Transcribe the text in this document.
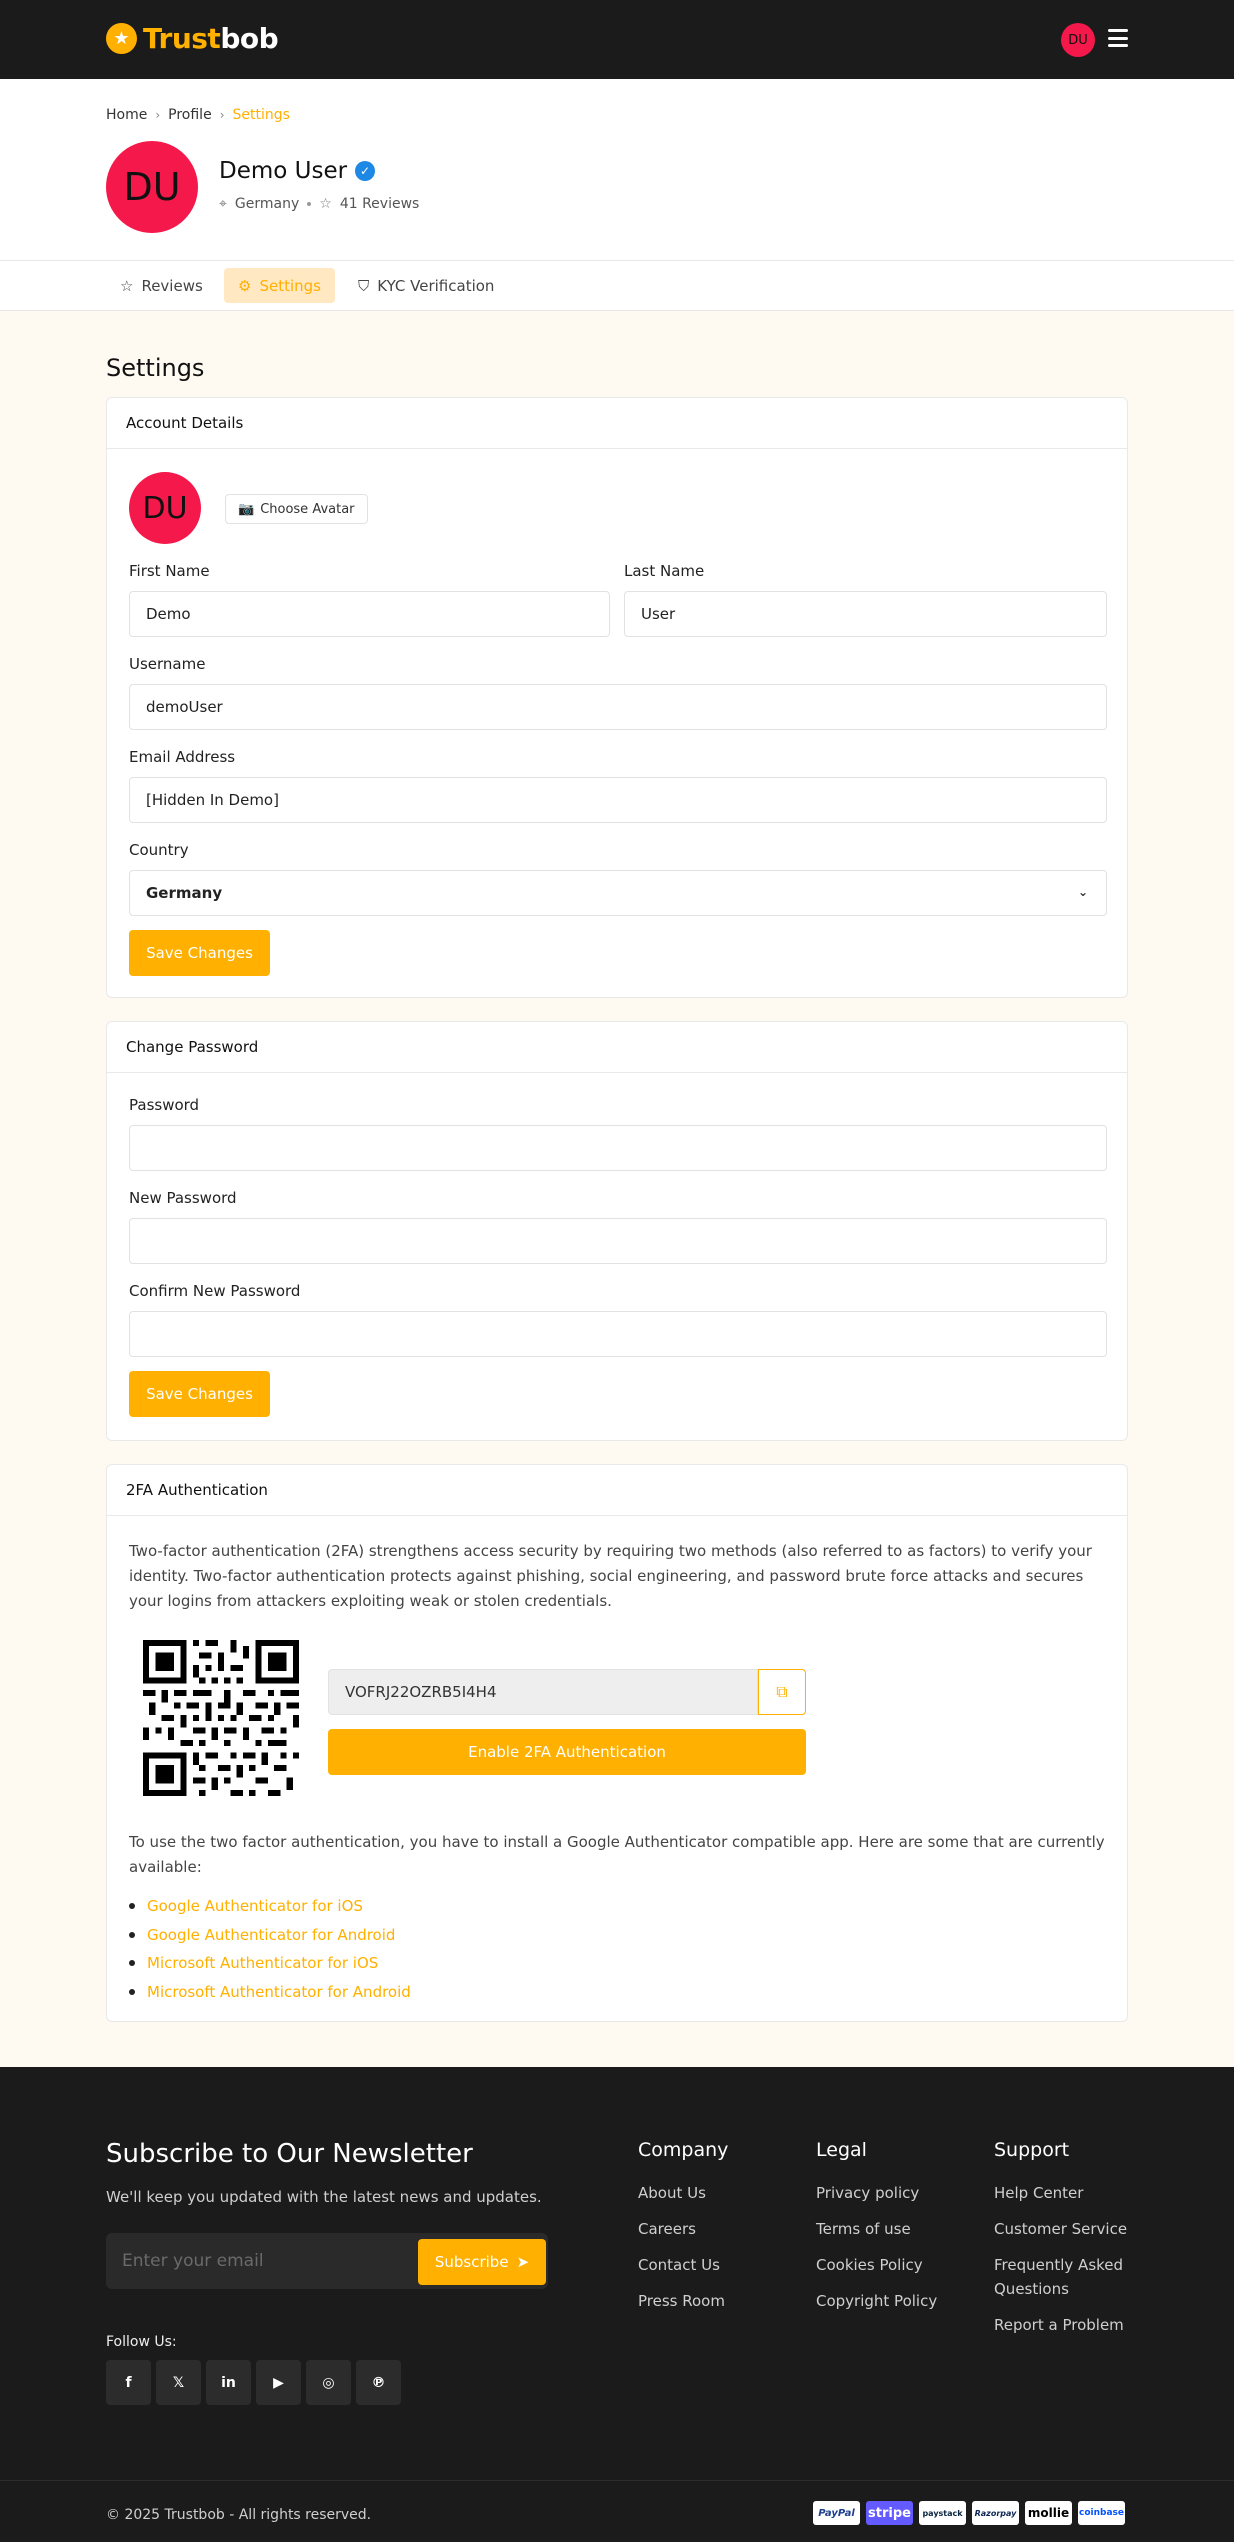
★ Trustbob	DU
Home › Profile › Settings
DU	Demo User	✓
⌖ Germany ☆ 41 Reviews
☆ Reviews ⚙ Settings ⛉ KYC Verification
Settings
Account Details
DU	📷 Choose Avatar
First Name
Demo
Last Name
User
Username
demoUser
Email Address
[Hidden In Demo]
Country
Germany	⌄
Save Changes
Change Password
Password
New Password
Confirm New Password
Save Changes
2FA Authentication
Two-factor authentication (2FA) strengthens access security by requiring two methods (also referred to as factors) to verify your identity. Two-factor authentication protects against phishing, social engineering, and password brute force attacks and secures your logins from attackers exploiting weak or stolen credentials.
VOFRJ22OZRB5I4H4	⧉
Enable 2FA Authentication
To use the two factor authentication, you have to install a Google Authenticator compatible app. Here are some that are currently available:
Google Authenticator for iOS
Google Authenticator for Android
Microsoft Authenticator for iOS
Microsoft Authenticator for Android
Subscribe to Our Newsletter
We'll keep you updated with the latest news and updates.
Enter your email	Subscribe ➤
Follow Us:
f	𝕏	in	▶	◎	℗
Company
About Us
Careers
Contact Us
Press Room
Legal
Privacy policy
Terms of use
Cookies Policy
Copyright Policy
Support
Help Center
Customer Service
Frequently Asked Questions
Report a Problem
© 2025 Trustbob - All rights reserved.	PayPal	stripe	paystack	Razorpay mollie	coinbase
